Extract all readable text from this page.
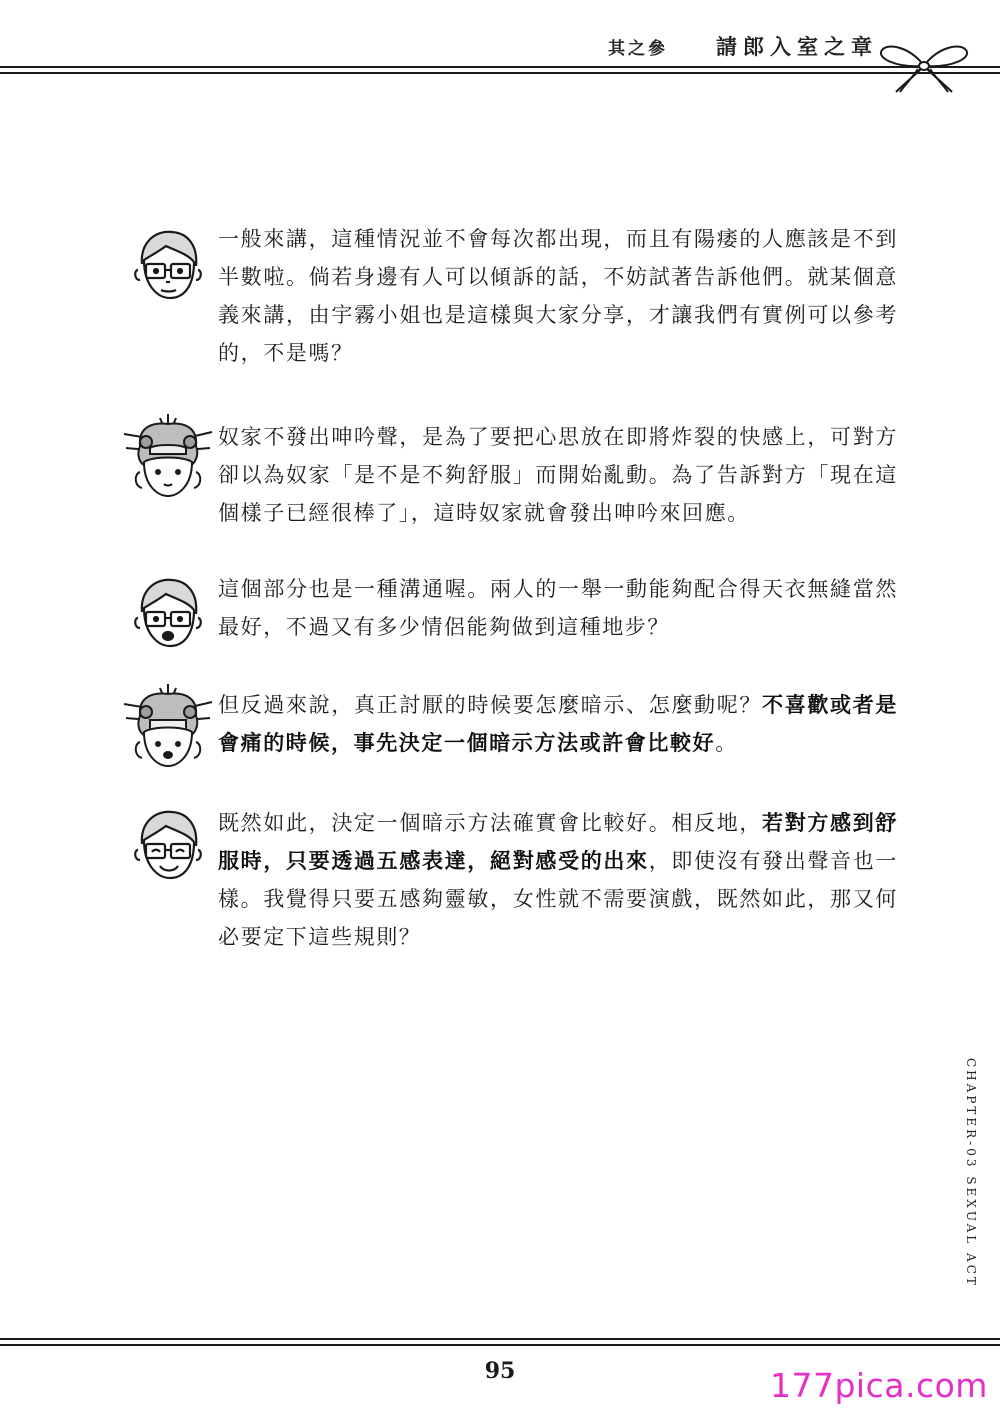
其之參 請郎入室之章
一般來講，這種情況並不會每次都出現，而且有陽痿的人應該是不到半數啦。倘若身邊有人可以傾訴的話，不妨試著告訴他們。就某個意義來講，由宇霧小姐也是這樣與大家分享，才讓我們有實例可以參考的，不是嗎？
奴家不發出呻吟聲，是為了要把心思放在即將炸裂的快感上，可對方卻以為奴家「是不是不夠舒服」而開始亂動。為了告訴對方「現在這個樣子已經很棒了」，這時奴家就會發出呻吟來回應。
這個部分也是一種溝通喔。兩人的一舉一動能夠配合得天衣無縫當然最好，不過又有多少情侶能夠做到這種地步？
但反過來說，真正討厭的時候要怎麼暗示、怎麼動呢？不喜歡或者是會痛的時候，事先決定一個暗示方法或許會比較好。
既然如此，決定一個暗示方法確實會比較好。相反地，若對方感到舒服時，只要透過五感表達，絕對感受的出來，即使沒有發出聲音也一樣。我覺得只要五感夠靈敏，女性就不需要演戲，既然如此，那又何必要定下這些規則？
CHAPTER-03 SEXUAL ACT
95	177pica.com
